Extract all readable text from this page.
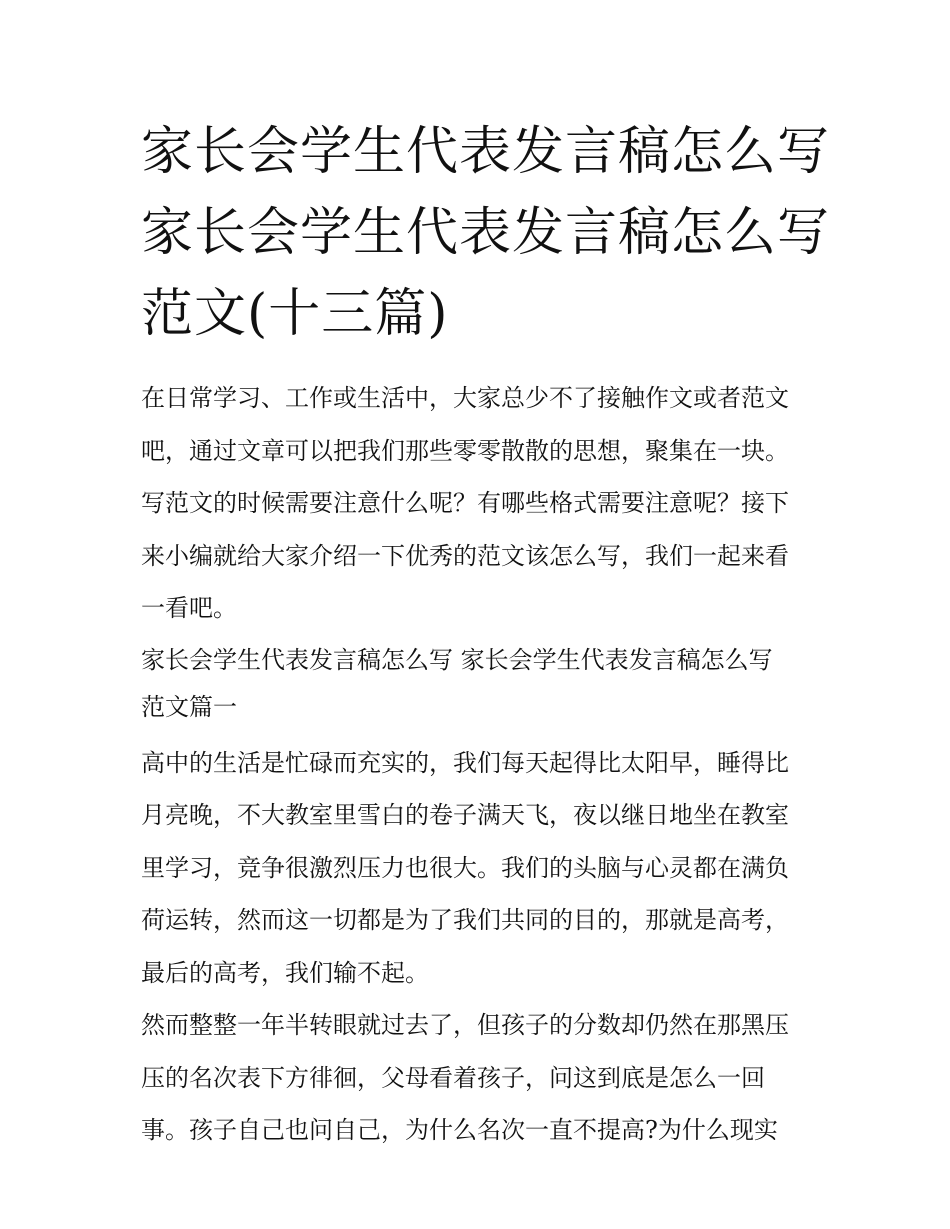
家长会学生代表发言稿怎么写
家长会学生代表发言稿怎么写
范文(十三篇)

在日常学习、工作或生活中，大家总少不了接触作文或者范文
吧，通过文章可以把我们那些零零散散的思想，聚集在一块。
写范文的时候需要注意什么呢？有哪些格式需要注意呢？接下
来小编就给大家介绍一下优秀的范文该怎么写，我们一起来看
一看吧。

家长会学生代表发言稿怎么写 家长会学生代表发言稿怎么写
范文篇一

高中的生活是忙碌而充实的，我们每天起得比太阳早，睡得比
月亮晚，不大教室里雪白的卷子满天飞，夜以继日地坐在教室
里学习，竞争很激烈压力也很大。我们的头脑与心灵都在满负
荷运转，然而这一切都是为了我们共同的目的，那就是高考，
最后的高考，我们输不起。

然而整整一年半转眼就过去了，但孩子的分数却仍然在那黑压
压的名次表下方徘徊，父母看着孩子，问这到底是怎么一回
事。孩子自己也问自己，为什么名次一直不提高?为什么现实
